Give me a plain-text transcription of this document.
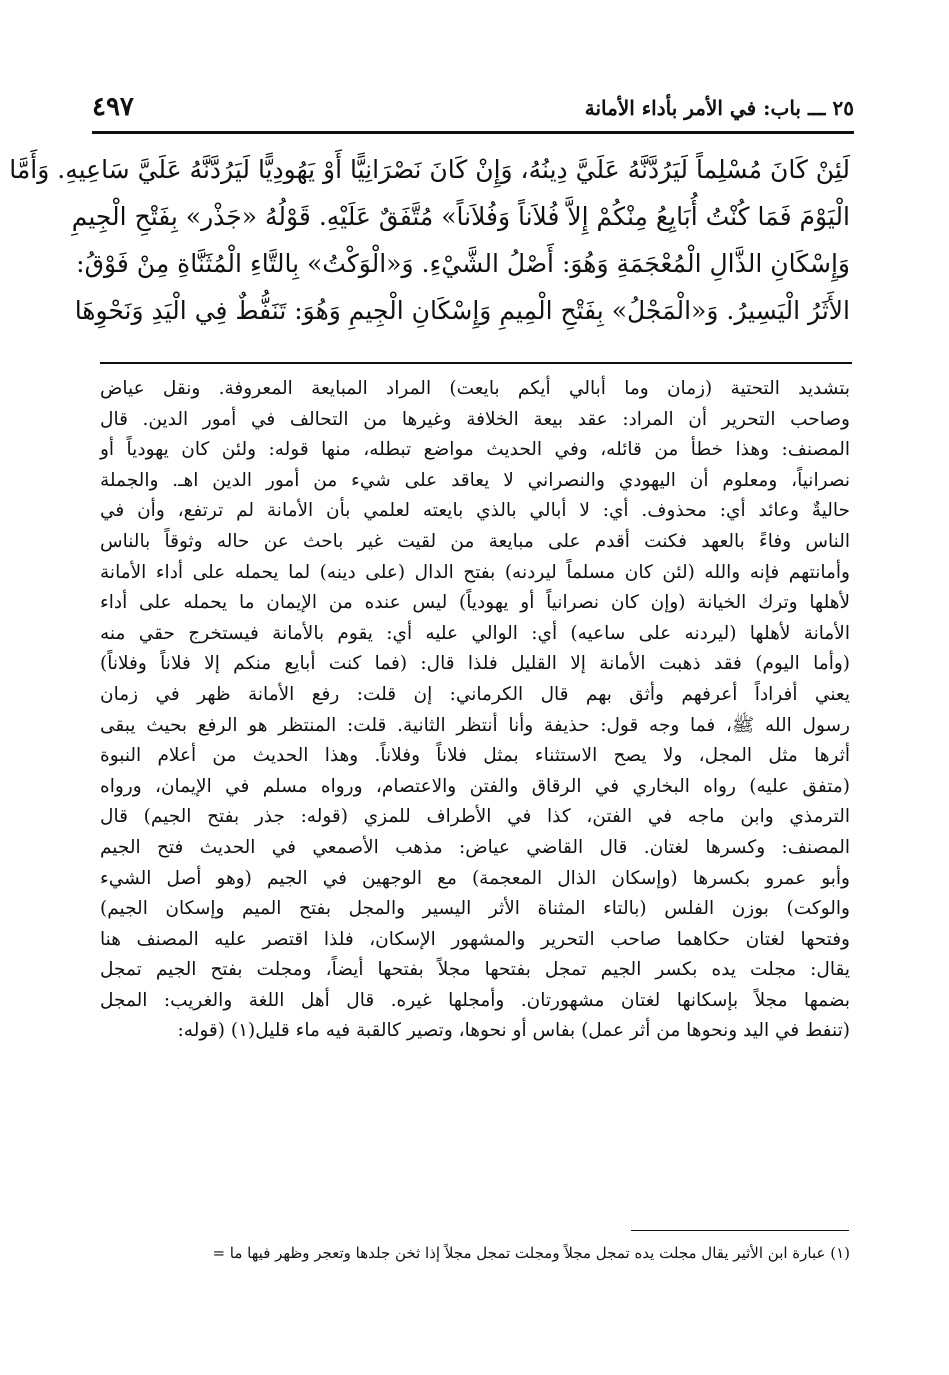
٢٥ ـــ باب: في الأمر بأداء الأمانة
٤٩٧
لَئِنْ كَانَ مُسْلِماً لَيَرُدَّنَّهُ عَلَيَّ دِينُهُ، وَإِنْ كَانَ نَصْرَانِيًّا أَوْ يَهُودِيًّا لَيَرُدَّنَّهُ عَلَيَّ سَاعِيهِ. وَأَمَّا
الْيَوْمَ فَمَا كُنْتُ أُبَايِعُ مِنْكُمْ إِلاَّ فُلاَناً وَفُلاَناً» مُتَّفَقٌ عَلَيْهِ. قَوْلُهُ «جَذْر» بِفَتْحِ الْجِيمِ
وَإِسْكَانِ الذَّالِ الْمُعْجَمَةِ وَهُوَ: أَصْلُ الشَّيْءِ. وَ«الْوَكْتُ» بِالتَّاءِ الْمُثَنَّاةِ مِنْ فَوْقُ:
الأَثَرُ الْيَسِيرُ. وَ«الْمَجْلُ» بِفَتْحِ الْمِيمِ وَإِسْكَانِ الْجِيمِ وَهُوَ: تَنَفُّطٌ فِي الْيَدِ وَنَحْوِهَا
بتشديد التحتية (زمان وما أبالي أيكم بايعت) المراد المبايعة المعروفة. ونقل عياض
وصاحب التحرير أن المراد: عقد بيعة الخلافة وغيرها من التحالف في أمور الدين. قال
المصنف: وهذا خطأ من قائله، وفي الحديث مواضع تبطله، منها قوله: ولئن كان يهودياً أو
نصرانياً، ومعلوم أن اليهودي والنصراني لا يعاقد على شيء من أمور الدين اهـ. والجملة
حاليةٌ وعائد أي: محذوف. أي: لا أبالي بالذي بايعته لعلمي بأن الأمانة لم ترتفع، وأن في
الناس وفاءً بالعهد فكنت أقدم على مبايعة من لقيت غير باحث عن حاله وثوقاً بالناس
وأمانتهم فإنه والله (لئن كان مسلماً ليردنه) بفتح الدال (على دينه) لما يحمله على أداء الأمانة
لأهلها وترك الخيانة (وإن كان نصرانياً أو يهودياً) ليس عنده من الإيمان ما يحمله على أداء
الأمانة لأهلها (ليردنه على ساعيه) أي: الوالي عليه أي: يقوم بالأمانة فيستخرج حقي منه
(وأما اليوم) فقد ذهبت الأمانة إلا القليل فلذا قال: (فما كنت أبايع منكم إلا فلاناً وفلاناً)
يعني أفراداً أعرفهم وأثق بهم قال الكرماني: إن قلت: رفع الأمانة ظهر في زمان
رسول الله ﷺ، فما وجه قول: حذيفة وأنا أنتظر الثانية. قلت: المنتظر هو الرفع بحيث يبقى
أثرها مثل المجل، ولا يصح الاستثناء بمثل فلاناً وفلاناً. وهذا الحديث من أعلام النبوة
(متفق عليه) رواه البخاري في الرقاق والفتن والاعتصام، ورواه مسلم في الإيمان، ورواه
الترمذي وابن ماجه في الفتن، كذا في الأطراف للمزي (قوله: جذر بفتح الجيم) قال
المصنف: وكسرها لغتان. قال القاضي عياض: مذهب الأصمعي في الحديث فتح الجيم
وأبو عمرو بكسرها (وإسكان الذال المعجمة) مع الوجهين في الجيم (وهو أصل الشيء
والوكت) بوزن الفلس (بالتاء المثناة الأثر اليسير والمجل بفتح الميم وإسكان الجيم)
وفتحها لغتان حكاهما صاحب التحرير والمشهور الإسكان، فلذا اقتصر عليه المصنف هنا
يقال: مجلت يده بكسر الجيم تمجل بفتحها مجلاً بفتحها أيضاً، ومجلت بفتح الجيم تمجل
بضمها مجلاً بإسكانها لغتان مشهورتان. وأمجلها غيره. قال أهل اللغة والغريب: المجل
(تنفط في اليد ونحوها من أثر عمل) بفاس أو نحوها، وتصير كالقبة فيه ماء قليل(١) (قوله:
(١) عبارة ابن الأثير يقال مجلت يده تمجل مجلاً ومجلت تمجل مجلاً إذا ثخن جلدها وتعجر وظهر فيها ما =
